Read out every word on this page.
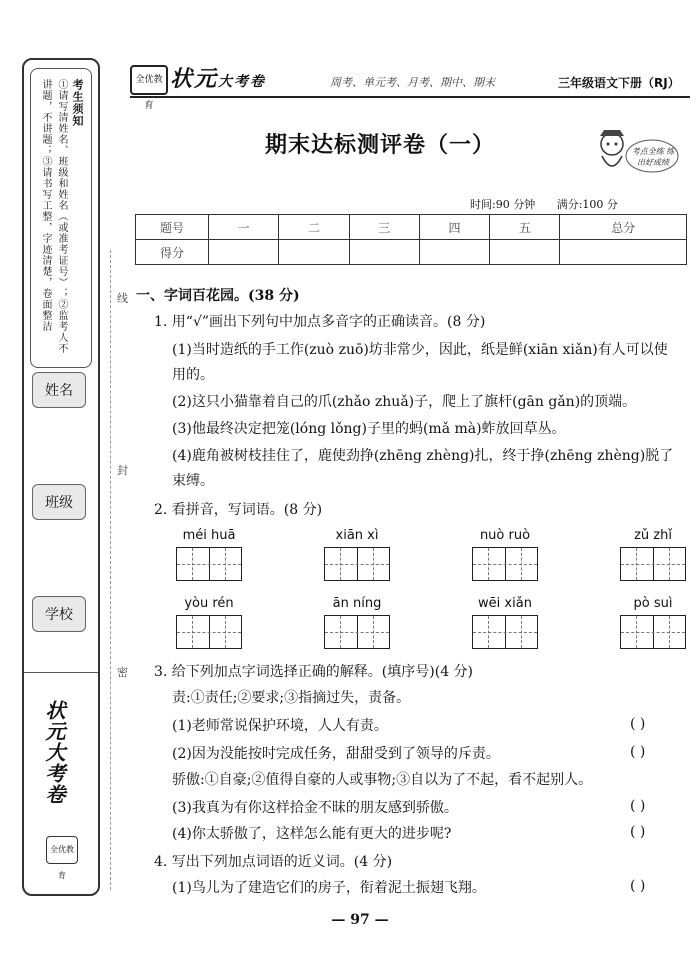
考生须知
①请写清姓名、班级和姓名（或准考证号）；②监考人不讲题，不讲题；③请书写工整，字迹清楚，卷面整洁
姓名
班级
学校
状元大考卷
全优教育
线
封
密
全优教育
状元大考卷	周考、单元考、月考、期中、期末	三年级语文下册（RJ）
期末达标测评卷（一）	考点全练 练出好成绩
时间:90 分钟 满分:100 分
题号	一	二	三	四	五	总分
得分						
一、字词百花园。(38 分)
1. 用“√”画出下列句中加点多音字的正确读音。(8 分)
(1)当时造纸的手工作(zuò zuō)坊非常少，因此，纸是鲜(xiān xiǎn)有人可以使
用的。
(2)这只小猫靠着自己的爪(zhǎo zhuǎ)子，爬上了旗杆(gān gǎn)的顶端。
(3)他最终决定把笼(lóng lǒng)子里的蚂(mǎ mà)蚱放回草丛。
(4)鹿角被树枝挂住了，鹿使劲挣(zhēng zhèng)扎，终于挣(zhēng zhèng)脱了
束缚。
2. 看拼音，写词语。(8 分)
méi huā	xiān xì	nuò ruò	zǔ zhǐ
yòu rén	ān níng	wēi xiǎn	pò suì
3. 给下列加点字词选择正确的解释。(填序号)(4 分)
责:①责任;②要求;③指摘过失，责备。
(1)老师常说保护环境，人人有责。	( )
(2)因为没能按时完成任务，甜甜受到了领导的斥责。	( )
骄傲:①自豪;②值得自豪的人或事物;③自以为了不起，看不起别人。
(3)我真为有你这样拾金不昧的朋友感到骄傲。	( )
(4)你太骄傲了，这样怎么能有更大的进步呢?	( )
4. 写出下列加点词语的近义词。(4 分)
(1)鸟儿为了建造它们的房子，衔着泥土振翅飞翔。	( )
— 97 —
